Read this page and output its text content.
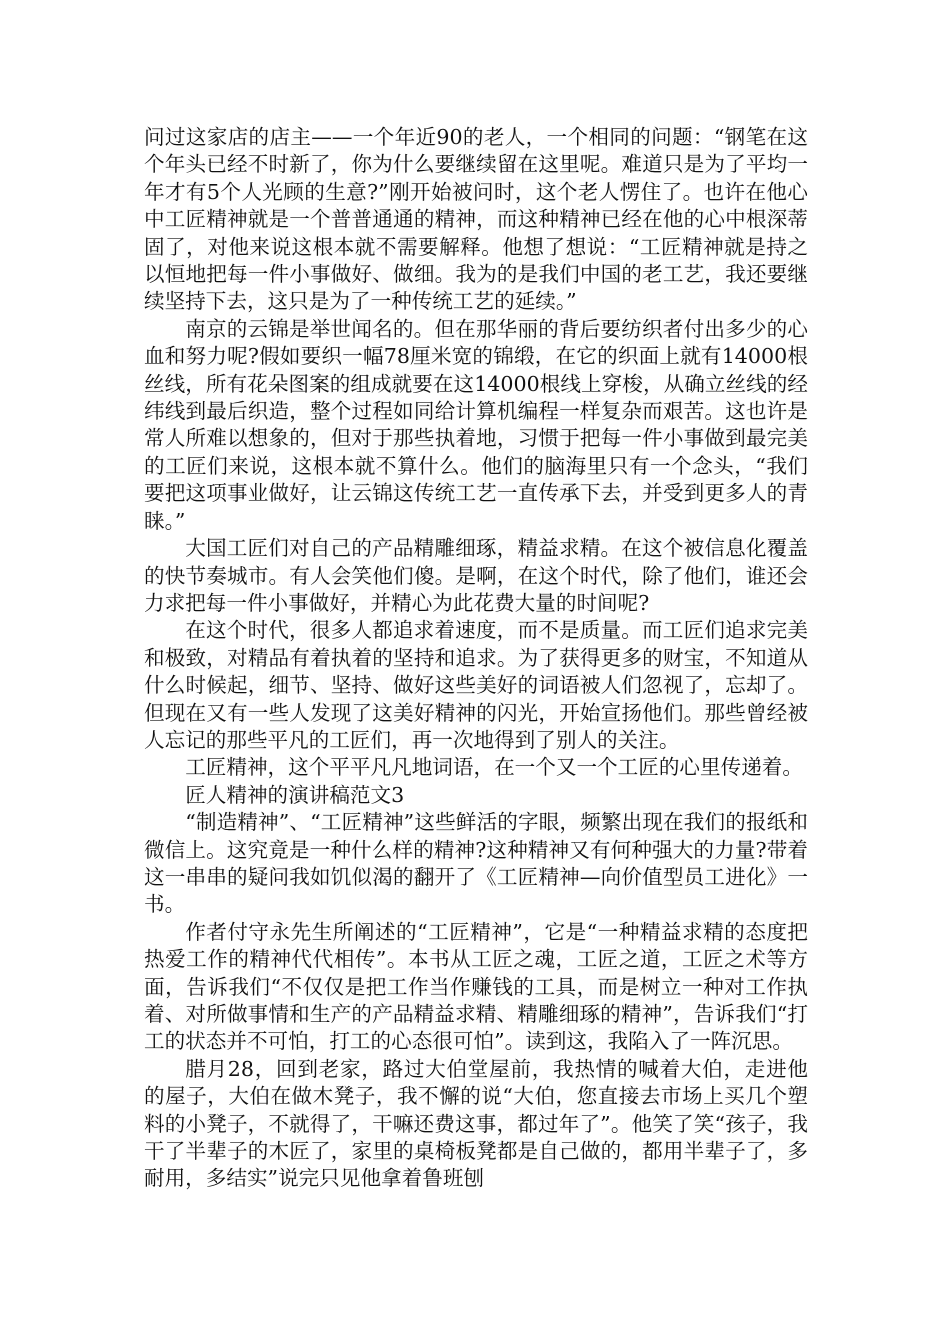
问过这家店的店主——一个年近90的老人，一个相同的问题：“钢笔在这个年头已经不时新了，你为什么要继续留在这里呢。难道只是为了平均一年才有5个人光顾的生意?”刚开始被问时，这个老人愣住了。也许在他心中工匠精神就是一个普普通通的精神，而这种精神已经在他的心中根深蒂固了，对他来说这根本就不需要解释。他想了想说：“工匠精神就是持之以恒地把每一件小事做好、做细。我为的是我们中国的老工艺，我还要继续坚持下去，这只是为了一种传统工艺的延续。”

南京的云锦是举世闻名的。但在那华丽的背后要纺织者付出多少的心血和努力呢?假如要织一幅78厘米宽的锦缎，在它的织面上就有14000根丝线，所有花朵图案的组成就要在这14000根线上穿梭，从确立丝线的经纬线到最后织造，整个过程如同给计算机编程一样复杂而艰苦。这也许是常人所难以想象的，但对于那些执着地，习惯于把每一件小事做到最完美的工匠们来说，这根本就不算什么。他们的脑海里只有一个念头，“我们要把这项事业做好，让云锦这传统工艺一直传承下去，并受到更多人的青睐。”

大国工匠们对自己的产品精雕细琢，精益求精。在这个被信息化覆盖的快节奏城市。有人会笑他们傻。是啊，在这个时代，除了他们，谁还会力求把每一件小事做好，并精心为此花费大量的时间呢?

在这个时代，很多人都追求着速度，而不是质量。而工匠们追求完美和极致，对精品有着执着的坚持和追求。为了获得更多的财宝，不知道从什么时候起，细节、坚持、做好这些美好的词语被人们忽视了，忘却了。但现在又有一些人发现了这美好精神的闪光，开始宣扬他们。那些曾经被人忘记的那些平凡的工匠们，再一次地得到了别人的关注。

工匠精神，这个平平凡凡地词语，在一个又一个工匠的心里传递着。

匠人精神的演讲稿范文3

“制造精神”、“工匠精神”这些鲜活的字眼，频繁出现在我们的报纸和微信上。这究竟是一种什么样的精神?这种精神又有何种强大的力量?带着这一串串的疑问我如饥似渴的翻开了《工匠精神—向价值型员工进化》一书。

作者付守永先生所阐述的“工匠精神”，它是“一种精益求精的态度把热爱工作的精神代代相传”。本书从工匠之魂，工匠之道，工匠之术等方面，告诉我们“不仅仅是把工作当作赚钱的工具，而是树立一种对工作执着、对所做事情和生产的产品精益求精、精雕细琢的精神”，告诉我们“打工的状态并不可怕，打工的心态很可怕”。读到这，我陷入了一阵沉思。

腊月28，回到老家，路过大伯堂屋前，我热情的喊着大伯，走进他的屋子，大伯在做木凳子，我不懈的说“大伯，您直接去市场上买几个塑料的小凳子，不就得了，干嘛还费这事，都过年了”。他笑了笑“孩子，我干了半辈子的木匠了，家里的桌椅板凳都是自己做的，都用半辈子了，多耐用，多结实”说完只见他拿着鲁班刨
